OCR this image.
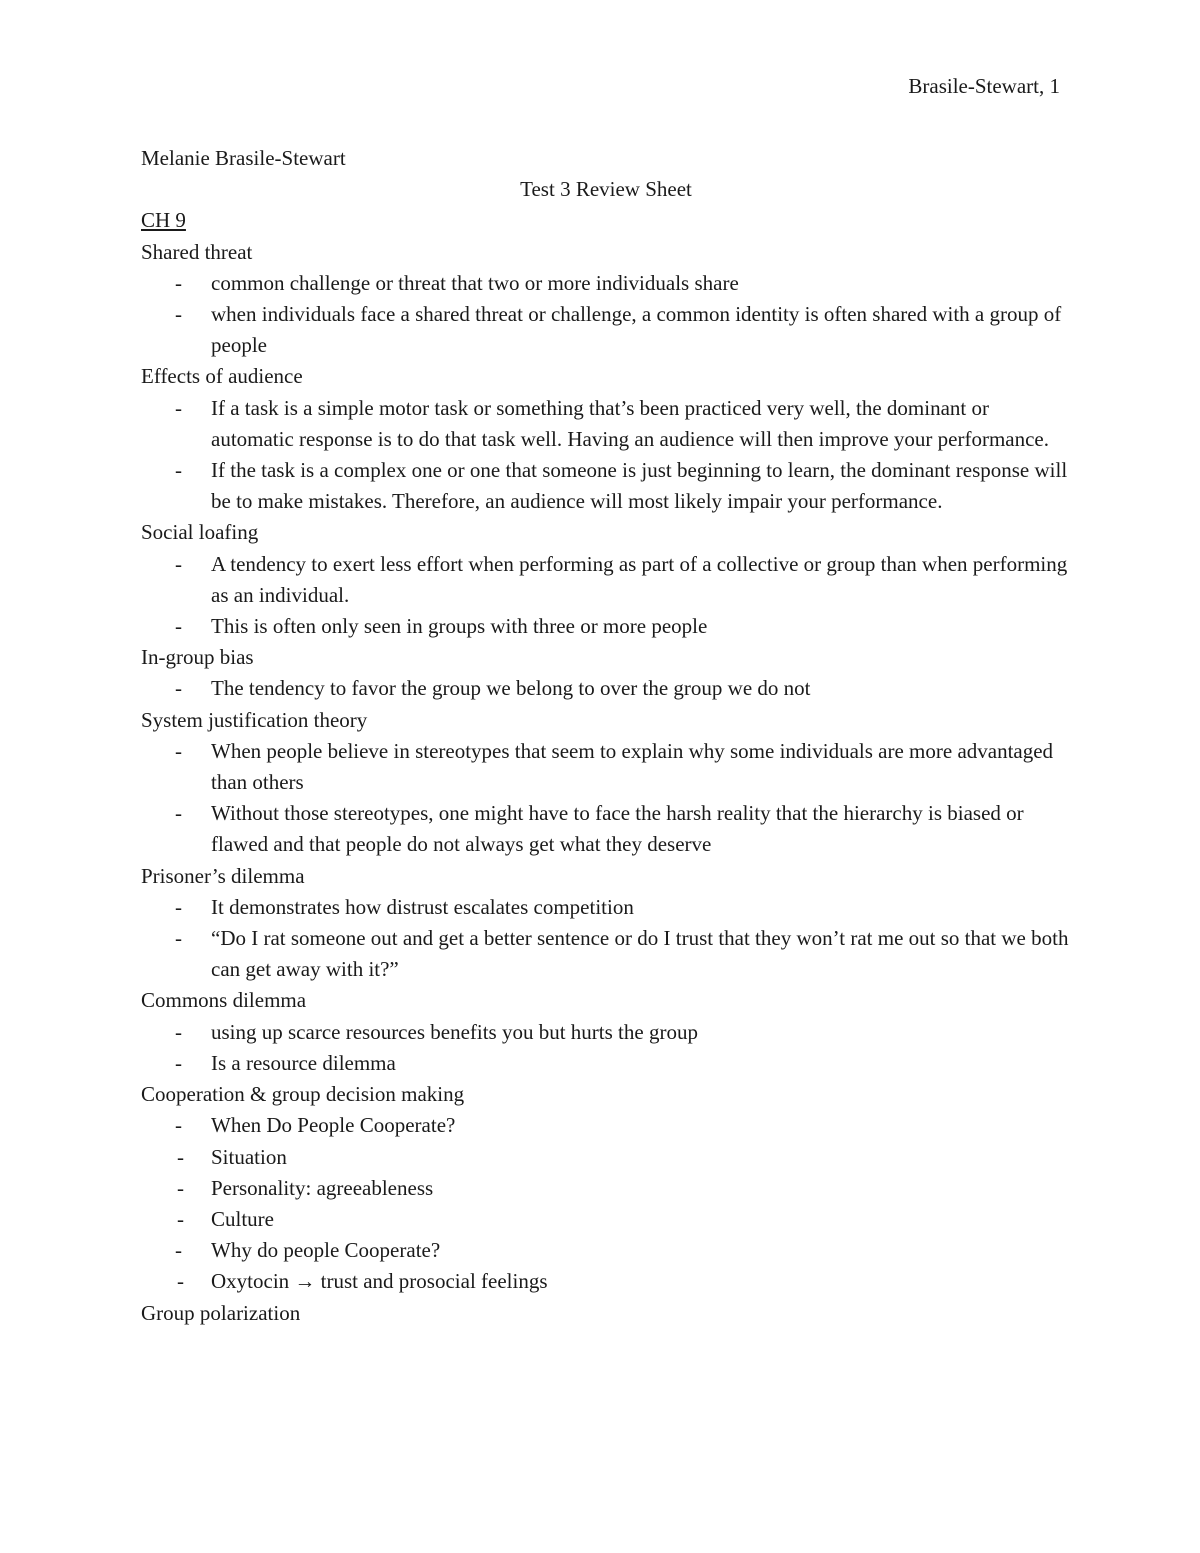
Brasile-Stewart, 1
Melanie Brasile-Stewart
Test 3 Review Sheet
CH 9
Shared threat
- common challenge or threat that two or more individuals share
- when individuals face a shared threat or challenge, a common identity is often shared with a group of people
Effects of audience
- If a task is a simple motor task or something that’s been practiced very well, the dominant or automatic response is to do that task well. Having an audience will then improve your performance.
- If the task is a complex one or one that someone is just beginning to learn, the dominant response will be to make mistakes. Therefore, an audience will most likely impair your performance.
Social loafing
- A tendency to exert less effort when performing as part of a collective or group than when performing as an individual.
- This is often only seen in groups with three or more people
In-group bias
- The tendency to favor the group we belong to over the group we do not
System justification theory
- When people believe in stereotypes that seem to explain why some individuals are more advantaged than others
- Without those stereotypes, one might have to face the harsh reality that the hierarchy is biased or flawed and that people do not always get what they deserve
Prisoner’s dilemma
- It demonstrates how distrust escalates competition
- “Do I rat someone out and get a better sentence or do I trust that they won’t rat me out so that we both can get away with it?”
Commons dilemma
- using up scarce resources benefits you but hurts the group
- Is a resource dilemma
Cooperation & group decision making
- When Do People Cooperate?
- Situation
- Personality: agreeableness
- Culture
- Why do people Cooperate?
- Oxytocin → trust and prosocial feelings
Group polarization
